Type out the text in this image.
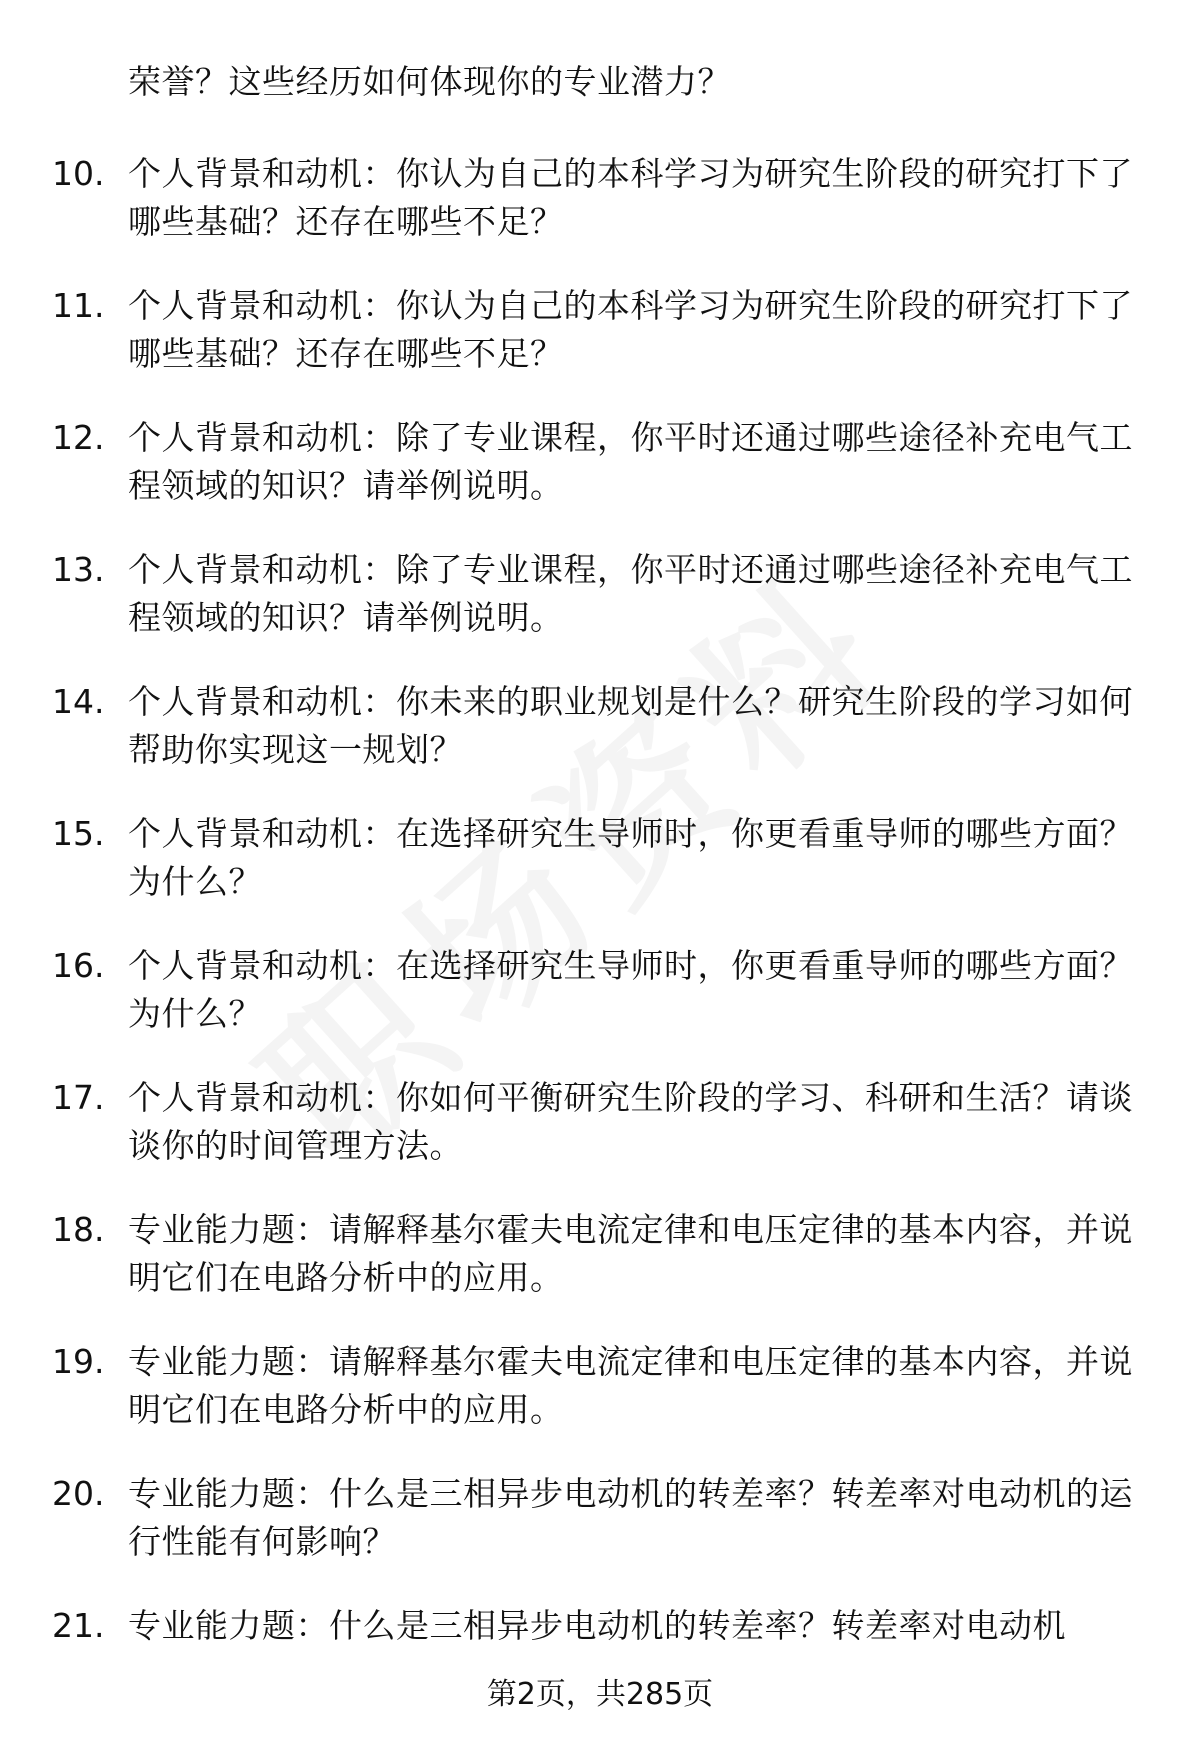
荣誉？这些经历如何体现你的专业潜力？
10. 个人背景和动机：你认为自己的本科学习为研究生阶段的研究打下了哪些基础？还存在哪些不足？
11. 个人背景和动机：你认为自己的本科学习为研究生阶段的研究打下了哪些基础？还存在哪些不足？
12. 个人背景和动机：除了专业课程，你平时还通过哪些途径补充电气工程领域的知识？请举例说明。
13. 个人背景和动机：除了专业课程，你平时还通过哪些途径补充电气工程领域的知识？请举例说明。
14. 个人背景和动机：你未来的职业规划是什么？研究生阶段的学习如何帮助你实现这一规划？
15. 个人背景和动机：在选择研究生导师时，你更看重导师的哪些方面？为什么？
16. 个人背景和动机：在选择研究生导师时，你更看重导师的哪些方面？为什么？
17. 个人背景和动机：你如何平衡研究生阶段的学习、科研和生活？请谈谈你的时间管理方法。
18. 专业能力题：请解释基尔霍夫电流定律和电压定律的基本内容，并说明它们在电路分析中的应用。
19. 专业能力题：请解释基尔霍夫电流定律和电压定律的基本内容，并说明它们在电路分析中的应用。
20. 专业能力题：什么是三相异步电动机的转差率？转差率对电动机的运行性能有何影响？
21. 专业能力题：什么是三相异步电动机的转差率？转差率对电动机
第2页，共285页
